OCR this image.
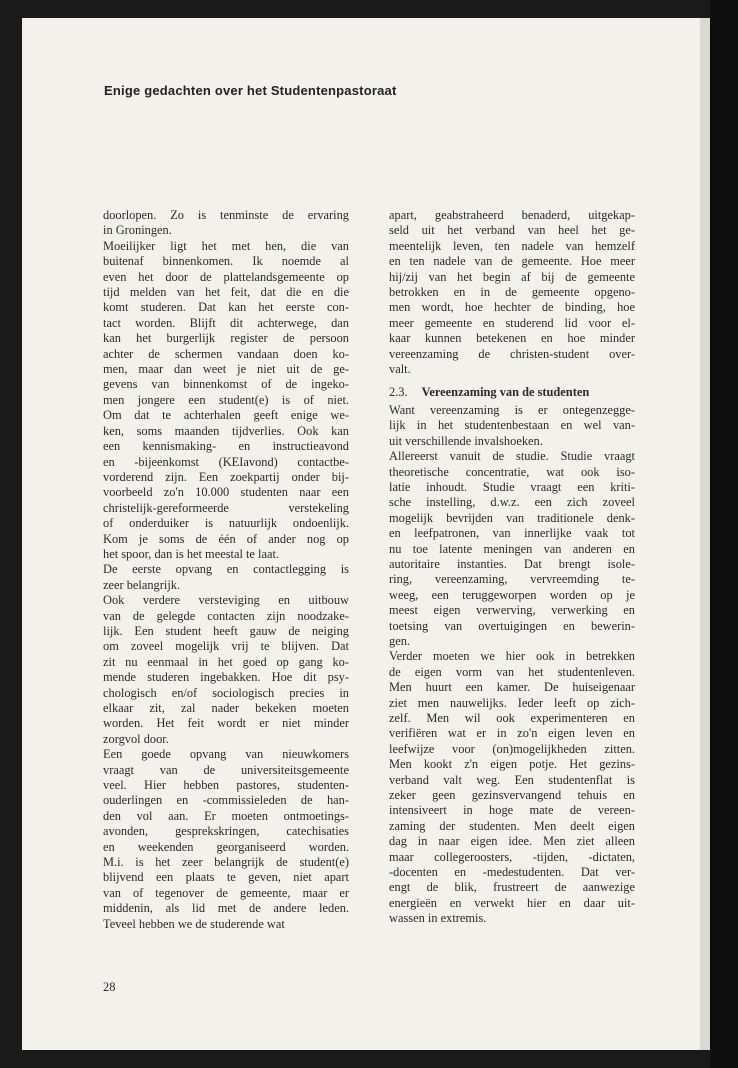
Enige gedachten over het Studentenpastoraat

doorlopen. Zo is tenminste de ervaring
in Groningen.

Moeilijker ligt het met hen, die van
buitenaf binnenkomen. Ik noemde al
even het door de plattelandsgemeente op
tijd melden van het feit, dat die en die
komt studeren. Dat kan het eerste con-
tact worden. Blijft dit achterwege, dan
kan het burgerlijk register de persoon
achter de schermen vandaan doen ko-
men, maar dan weet je niet uit de ge-
gevens van binnenkomst of de ingeko-
men jongere een student(e) is of niet.
Om dat te achterhalen geeft enige we-
ken, soms maanden tijdverlies. Ook kan
een kennismaking- en instructieavond
en -bijeenkomst (KEIavond) contactbe-
vorderend zijn. Een zoekpartij onder bij-
voorbeeld zo'n 10.000 studenten naar een
christelijk-gereformeerde verstekeling
of onderduiker is natuurlijk ondoenlijk.
Kom je soms de één of ander nog op
het spoor, dan is het meestal te laat.

De eerste opvang en contactlegging is
zeer belangrijk.

Ook verdere versteviging en uitbouw
van de gelegde contacten zijn noodzake-
lijk. Een student heeft gauw de neiging
om zoveel mogelijk vrij te blijven. Dat
zit nu eenmaal in het goed op gang ko-
mende studeren ingebakken. Hoe dit psy-
chologisch en/of sociologisch precies in
elkaar zit, zal nader bekeken moeten
worden. Het feit wordt er niet minder
zorgvol door.

Een goede opvang van nieuwkomers
vraagt van de universiteitsgemeente
veel. Hier hebben pastores, studenten-
ouderlingen en -commissieleden de han-
den vol aan. Er moeten ontmoetings-
avonden, gesprekskringen, catechisaties
en weekenden georganiseerd worden.
M.i. is het zeer belangrijk de student(e)
blijvend een plaats te geven, niet apart
van of tegenover de gemeente, maar er
middenin, als lid met de andere leden.
Teveel hebben we de studerende wat

apart, geabstraheerd benaderd, uitgekap-
seld uit het verband van heel het ge-
meentelijk leven, ten nadele van hemzelf
en ten nadele van de gemeente. Hoe meer
hij/zij van het begin af bij de gemeente
betrokken en in de gemeente opgeno-
men wordt, hoe hechter de binding, hoe
meer gemeente en studerend lid voor el-
kaar kunnen betekenen en hoe minder
vereenzaming de christen-student over-
valt.

2.3. Vereenzaming van de studenten

Want vereenzaming is er ontegenzegge-
lijk in het studentenbestaan en wel van-
uit verschillende invalshoeken.

Allereerst vanuit de studie. Studie vraagt
theoretische concentratie, wat ook iso-
latie inhoudt. Studie vraagt een kriti-
sche instelling, d.w.z. een zich zoveel
mogelijk bevrijden van traditionele denk-
en leefpatronen, van innerlijke vaak tot
nu toe latente meningen van anderen en
autoritaire instanties. Dat brengt isole-
ring, vereenzaming, vervreemding te-
weeg, een teruggeworpen worden op je
meest eigen verwerving, verwerking en
toetsing van overtuigingen en bewerin-
gen.

Verder moeten we hier ook in betrekken
de eigen vorm van het studentenleven.
Men huurt een kamer. De huiseigenaar
ziet men nauwelijks. Ieder leeft op zich-
zelf. Men wil ook experimenteren en
verifiëren wat er in zo'n eigen leven en
leefwijze voor (on)mogelijkheden zitten.
Men kookt z'n eigen potje. Het gezins-
verband valt weg. Een studentenflat is
zeker geen gezinsvervangend tehuis en
intensiveert in hoge mate de vereen-
zaming der studenten. Men deelt eigen
dag in naar eigen idee. Men ziet alleen
maar collegeroosters, -tijden, -dictaten,
-docenten en -medestudenten. Dat ver-
engt de blik, frustreert de aanwezige
energieën en verwekt hier en daar uit-
wassen in extremis.

28
